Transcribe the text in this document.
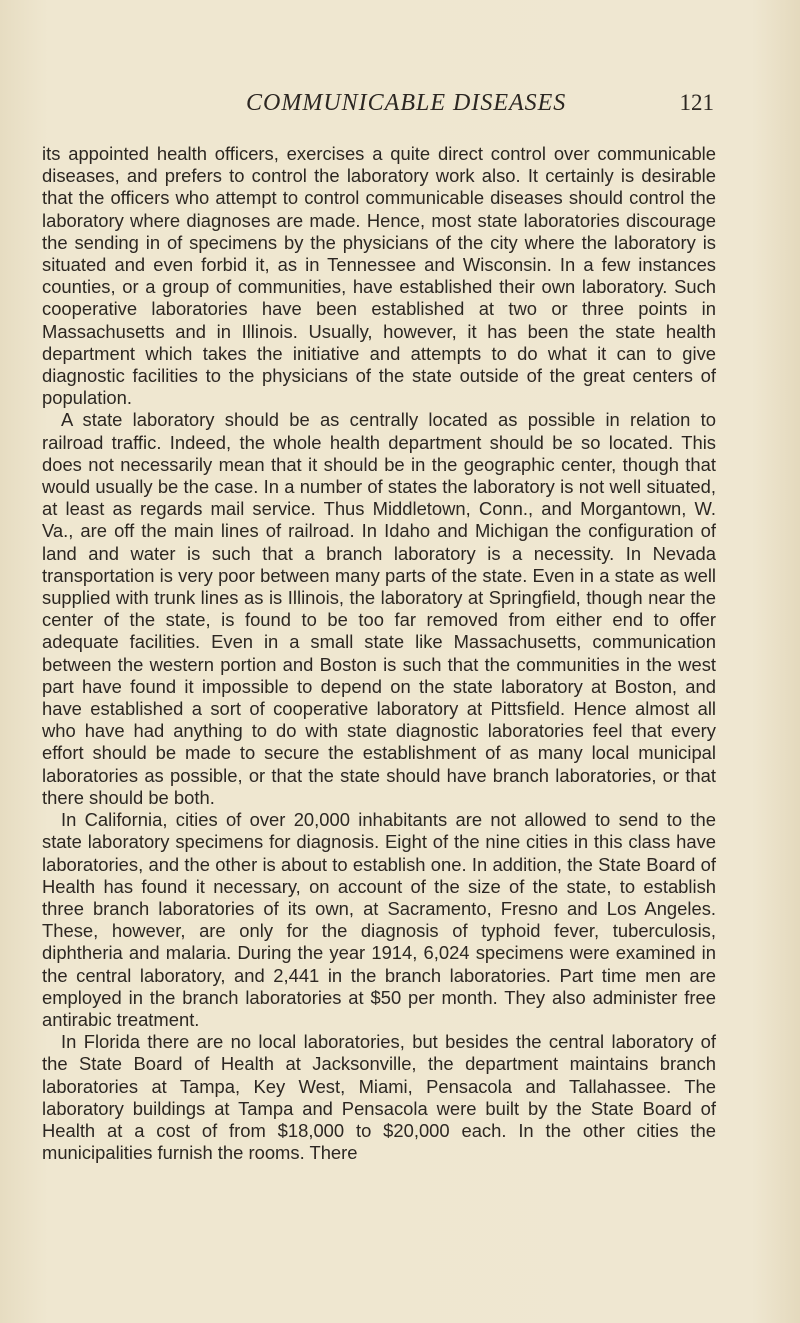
COMMUNICABLE DISEASES	121

its appointed health officers, exercises a quite direct control over communicable diseases, and prefers to control the laboratory work also. It certainly is desirable that the officers who attempt to control communicable diseases should control the laboratory where diagnoses are made. Hence, most state laboratories discourage the sending in of specimens by the physicians of the city where the laboratory is situated and even forbid it, as in Tennessee and Wisconsin. In a few instances counties, or a group of communities, have established their own laboratory. Such cooperative laboratories have been established at two or three points in Massachusetts and in Illinois. Usually, however, it has been the state health department which takes the initiative and attempts to do what it can to give diagnostic facilities to the physicians of the state outside of the great centers of population.

A state laboratory should be as centrally located as possible in relation to railroad traffic. Indeed, the whole health department should be so located. This does not necessarily mean that it should be in the geographic center, though that would usually be the case. In a number of states the laboratory is not well situated, at least as regards mail service. Thus Middletown, Conn., and Morgantown, W. Va., are off the main lines of railroad. In Idaho and Michigan the configuration of land and water is such that a branch laboratory is a necessity. In Nevada transportation is very poor between many parts of the state. Even in a state as well supplied with trunk lines as is Illinois, the laboratory at Springfield, though near the center of the state, is found to be too far removed from either end to offer adequate facilities. Even in a small state like Massachusetts, communication between the western portion and Boston is such that the communities in the west part have found it impossible to depend on the state laboratory at Boston, and have established a sort of cooperative laboratory at Pittsfield. Hence almost all who have had anything to do with state diagnostic laboratories feel that every effort should be made to secure the establishment of as many local municipal laboratories as possible, or that the state should have branch laboratories, or that there should be both.

In California, cities of over 20,000 inhabitants are not allowed to send to the state laboratory specimens for diagnosis. Eight of the nine cities in this class have laboratories, and the other is about to establish one. In addition, the State Board of Health has found it necessary, on account of the size of the state, to establish three branch laboratories of its own, at Sacramento, Fresno and Los Angeles. These, however, are only for the diagnosis of typhoid fever, tuberculosis, diphtheria and malaria. During the year 1914, 6,024 specimens were examined in the central laboratory, and 2,441 in the branch laboratories. Part time men are employed in the branch laboratories at $50 per month. They also administer free antirabic treatment.

In Florida there are no local laboratories, but besides the central laboratory of the State Board of Health at Jacksonville, the department maintains branch laboratories at Tampa, Key West, Miami, Pensacola and Tallahassee. The laboratory buildings at Tampa and Pensacola were built by the State Board of Health at a cost of from $18,000 to $20,000 each. In the other cities the municipalities furnish the rooms. There
